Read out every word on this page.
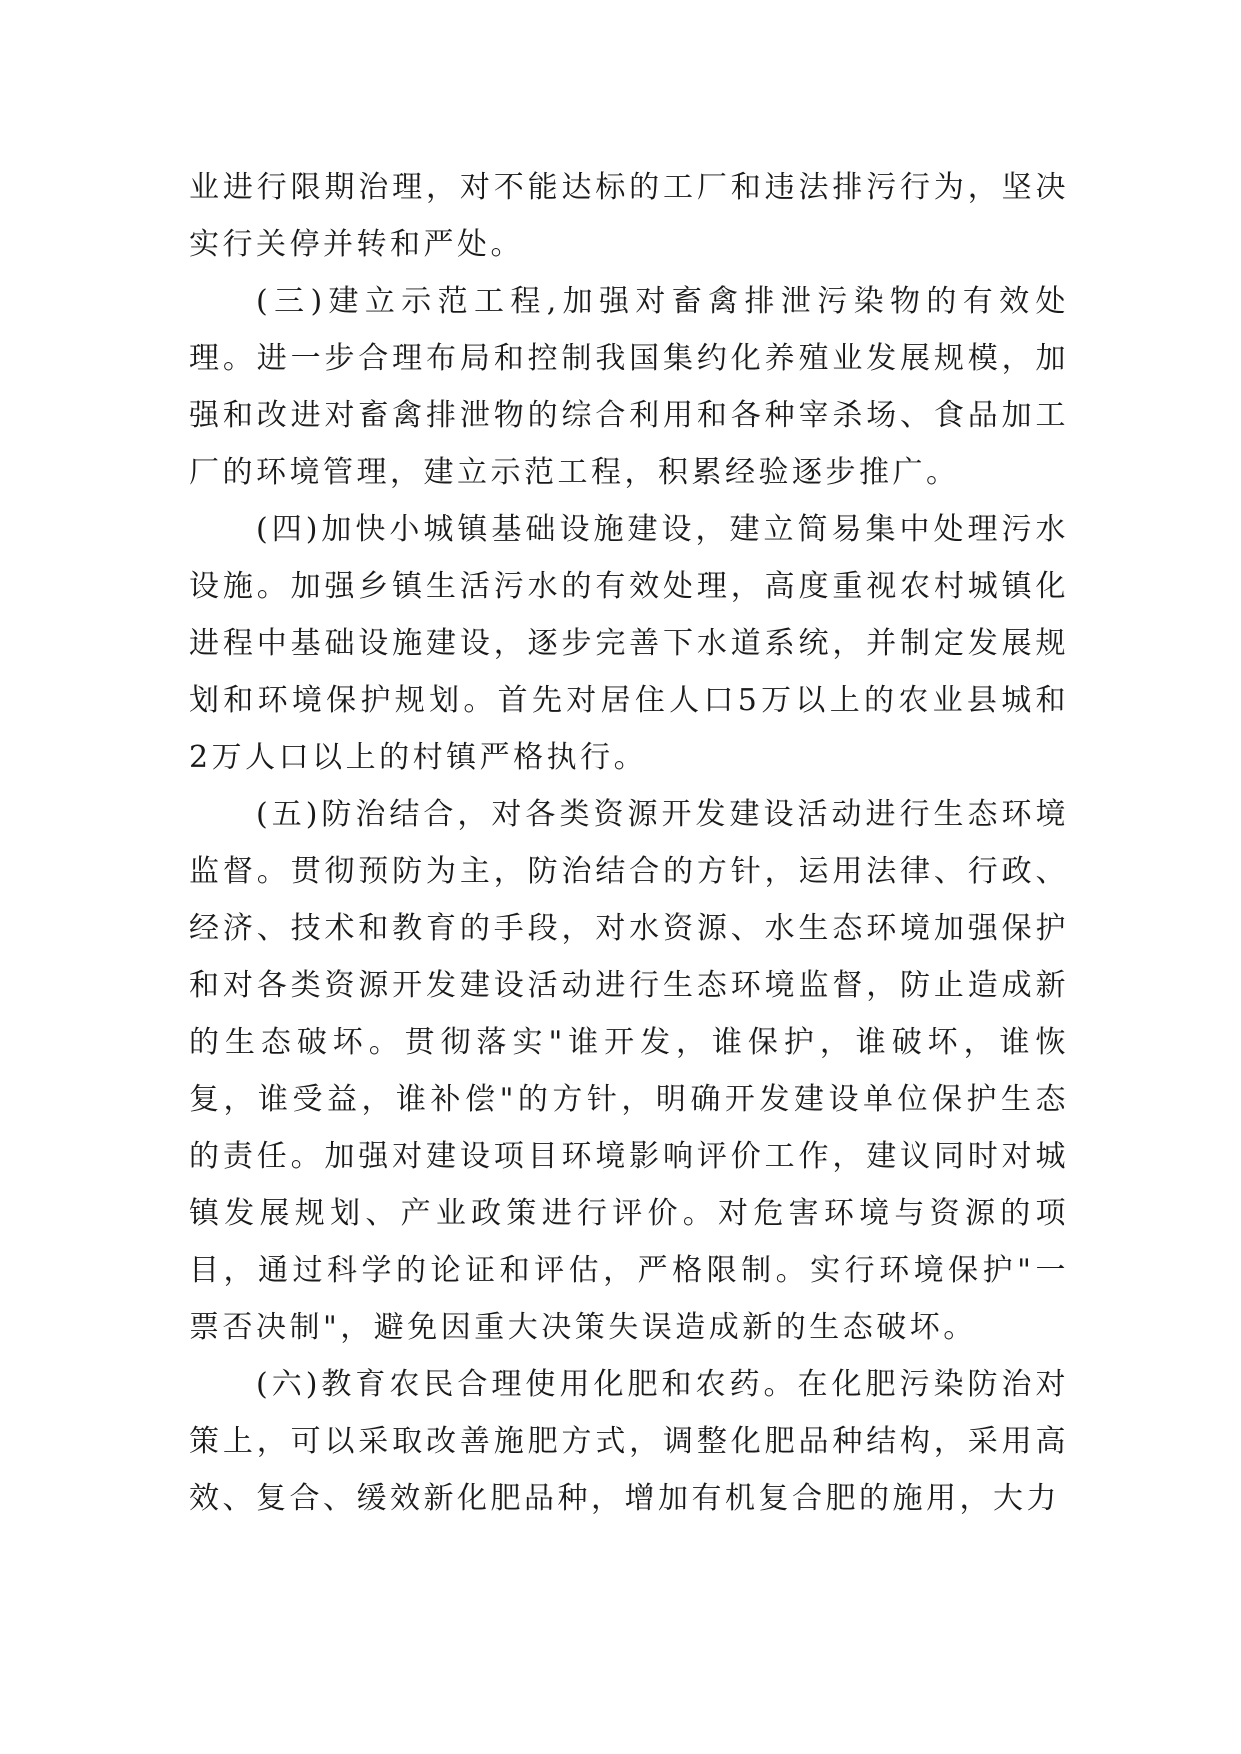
业进行限期治理，对不能达标的工厂和违法排污行为，坚决实行关停并转和严处。

(三)建立示范工程,加强对畜禽排泄污染物的有效处理。进一步合理布局和控制我国集约化养殖业发展规模，加强和改进对畜禽排泄物的综合利用和各种宰杀场、食品加工厂的环境管理，建立示范工程，积累经验逐步推广。

(四)加快小城镇基础设施建设，建立简易集中处理污水设施。加强乡镇生活污水的有效处理，高度重视农村城镇化进程中基础设施建设，逐步完善下水道系统，并制定发展规划和环境保护规划。首先对居住人口5万以上的农业县城和2万人口以上的村镇严格执行。

(五)防治结合，对各类资源开发建设活动进行生态环境监督。贯彻预防为主，防治结合的方针，运用法律、行政、经济、技术和教育的手段，对水资源、水生态环境加强保护和对各类资源开发建设活动进行生态环境监督，防止造成新的生态破坏。贯彻落实"谁开发，谁保护，谁破坏，谁恢复，谁受益，谁补偿"的方针，明确开发建设单位保护生态的责任。加强对建设项目环境影响评价工作，建议同时对城镇发展规划、产业政策进行评价。对危害环境与资源的项目，通过科学的论证和评估，严格限制。实行环境保护"一票否决制"，避免因重大决策失误造成新的生态破坏。

(六)教育农民合理使用化肥和农药。在化肥污染防治对策上，可以采取改善施肥方式，调整化肥品种结构，采用高效、复合、缓效新化肥品种，增加有机复合肥的施用，大力
